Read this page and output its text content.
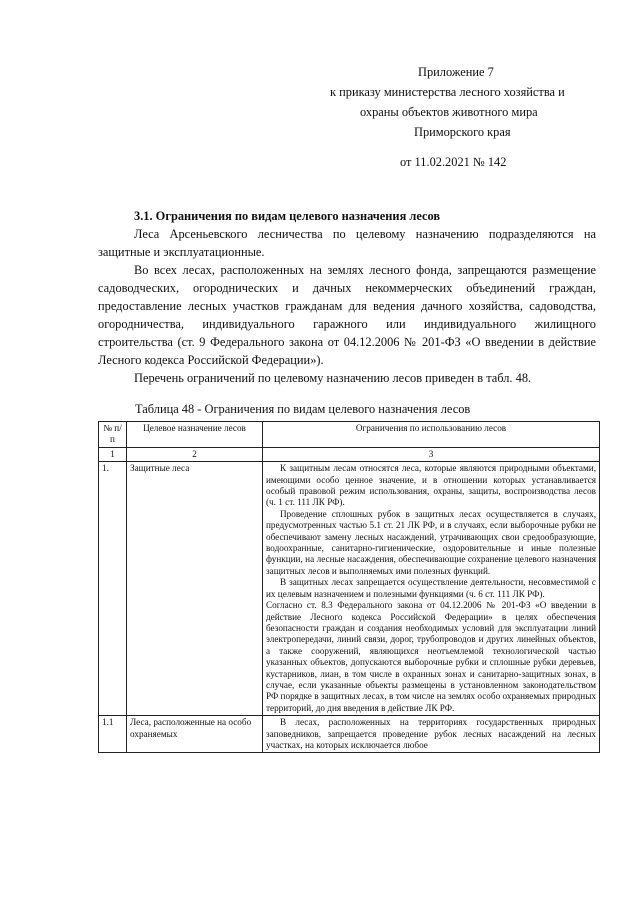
Приложение 7
к приказу министерства лесного хозяйства и
охраны объектов животного мира
Приморского края
от 11.02.2021 № 142
3.1. Ограничения по видам целевого назначения лесов

Леса Арсеньевского лесничества по целевому назначению подразделяются на защитные и эксплуатационные.

Во всех лесах, расположенных на землях лесного фонда, запрещаются размещение садоводческих, огороднических и дачных некоммерческих объединений граждан, предоставление лесных участков гражданам для ведения дачного хозяйства, садоводства, огородничества, индивидуального гаражного или индивидуального жилищного строительства (ст. 9 Федерального закона от 04.12.2006 № 201-ФЗ «О введении в действие Лесного кодекса Российской Федерации»).

Перечень ограничений по целевому назначению лесов приведен в табл. 48.

Таблица 48 - Ограничения по видам целевого назначения лесов
№ п/п	Целевое назначение лесов	Ограничения по использованию лесов
1	2	3
1.	Защитные леса	К защитным лесам относятся леса, которые являются природными объектами, имеющими особо ценное значение, и в отношении которых устанавливается особый правовой режим использования, охраны, защиты, воспроизводства лесов (ч. 1 ст. 111 ЛК РФ).
Проведение сплошных рубок в защитных лесах осуществляется в случаях, предусмотренных частью 5.1 ст. 21 ЛК РФ, и в случаях, если выборочные рубки не обеспечивают замену лесных насаждений, утрачивающих свои средообразующие, водоохранные, санитарно-гигиенические, оздоровительные и иные полезные функции, на лесные насаждения, обеспечивающие сохранение целевого назначения защитных лесов и выполняемых ими полезных функций.
В защитных лесах запрещается осуществление деятельности, несовместимой с их целевым назначением и полезными функциями (ч. 6 ст. 111 ЛК РФ).
Согласно ст. 8.3 Федерального закона от 04.12.2006 № 201-ФЗ «О введении в действие Лесного кодекса Российской Федерации» в целях обеспечения безопасности граждан и создания необходимых условий для эксплуатации линий электропередачи, линий связи, дорог, трубопроводов и других линейных объектов, а также сооружений, являющихся неотъемлемой технологической частью указанных объектов, допускаются выборочные рубки и сплошные рубки деревьев, кустарников, лиан, в том числе в охранных зонах и санитарно-защитных зонах, в случае, если указанные объекты размещены в установленном законодательством РФ порядке в защитных лесах, в том числе на землях особо охраняемых природных территорий, до дня введения в действие ЛК РФ.

1.1	Леса, расположенные на особо охраняемых	В лесах, расположенных на территориях государственных природных заповедников, запрещается проведение рубок лесных насаждений на лесных участках, на которых исключается любое
